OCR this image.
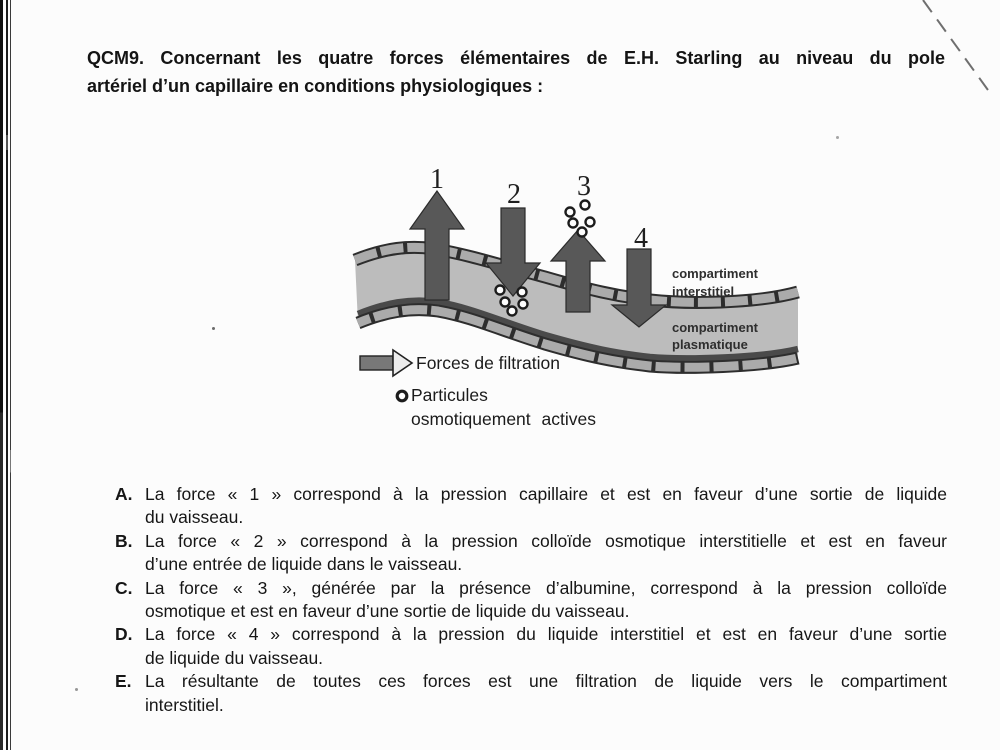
QCM9. Concernant les quatre forces élémentaires de E.H. Starling au niveau du pole
artériel d’un capillaire en conditions physiologiques :
1 2 3
4
compartiment
interstitiel
compartiment
plasmatique
Forces de filtration
Particules
osmotiquement actives
A. La force « 1 » correspond à la pression capillaire et est en faveur d’une sortie de liquide
du vaisseau.
B. La force « 2 » correspond à la pression colloïde osmotique interstitielle et est en faveur
d’une entrée de liquide dans le vaisseau.
C. La force « 3 », générée par la présence d’albumine, correspond à la pression colloïde
osmotique et est en faveur d’une sortie de liquide du vaisseau.
D. La force « 4 » correspond à la pression du liquide interstitiel et est en faveur d’une sortie
de liquide du vaisseau.
E. La résultante de toutes ces forces est une filtration de liquide vers le compartiment
interstitiel.
